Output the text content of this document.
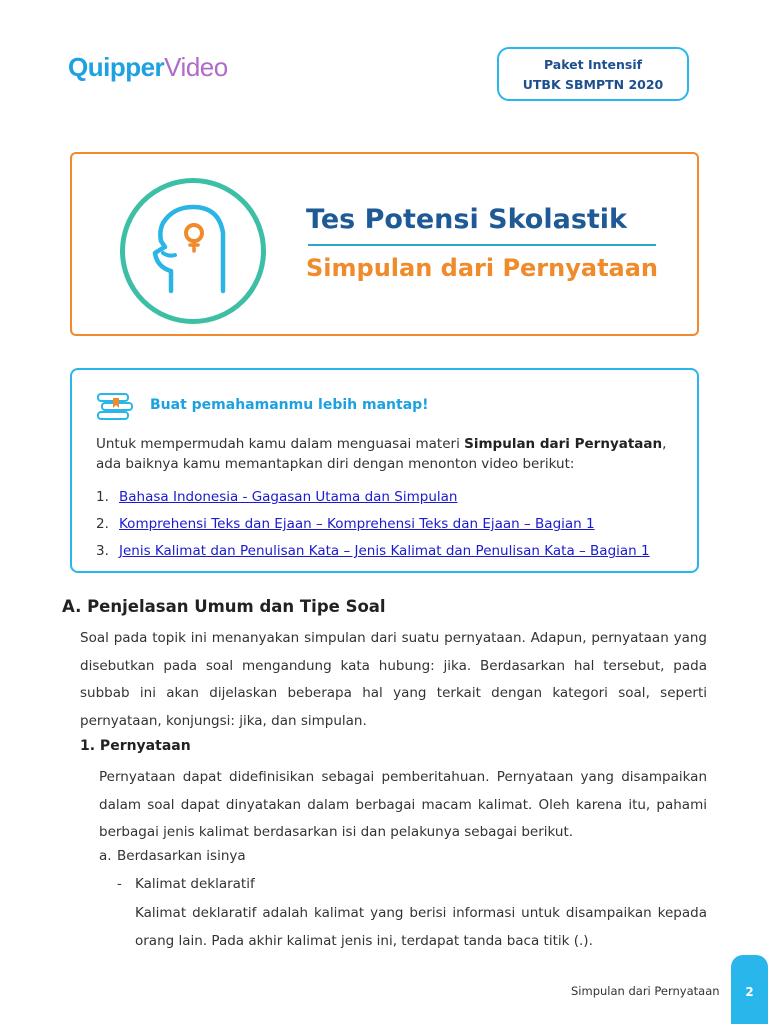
QuipperVideo	Paket Intensif
UTBK SBMPTN 2020
Tes Potensi Skolastik
Simpulan dari Pernyataan
Buat pemahamanmu lebih mantap!
Untuk mempermudah kamu dalam menguasai materi Simpulan dari Pernyataan, ada baiknya kamu memantapkan diri dengan menonton video berikut:
1. Bahasa Indonesia - Gagasan Utama dan Simpulan
2. Komprehensi Teks dan Ejaan – Komprehensi Teks dan Ejaan – Bagian 1
3. Jenis Kalimat dan Penulisan Kata – Jenis Kalimat dan Penulisan Kata – Bagian 1
A. Penjelasan Umum dan Tipe Soal
Soal pada topik ini menanyakan simpulan dari suatu pernyataan. Adapun, pernyataan yang disebutkan pada soal mengandung kata hubung: jika. Berdasarkan hal tersebut, pada subbab ini akan dijelaskan beberapa hal yang terkait dengan kategori soal, seperti pernyataan, konjungsi: jika, dan simpulan.
1. Pernyataan
Pernyataan dapat didefinisikan sebagai pemberitahuan. Pernyataan yang disampaikan dalam soal dapat dinyatakan dalam berbagai macam kalimat. Oleh karena itu, pahami berbagai jenis kalimat berdasarkan isi dan pelakunya sebagai berikut.
a. Berdasarkan isinya
- Kalimat deklaratif
Kalimat deklaratif adalah kalimat yang berisi informasi untuk disampaikan kepada orang lain. Pada akhir kalimat jenis ini, terdapat tanda baca titik (.).
Simpulan dari Pernyataan	2
